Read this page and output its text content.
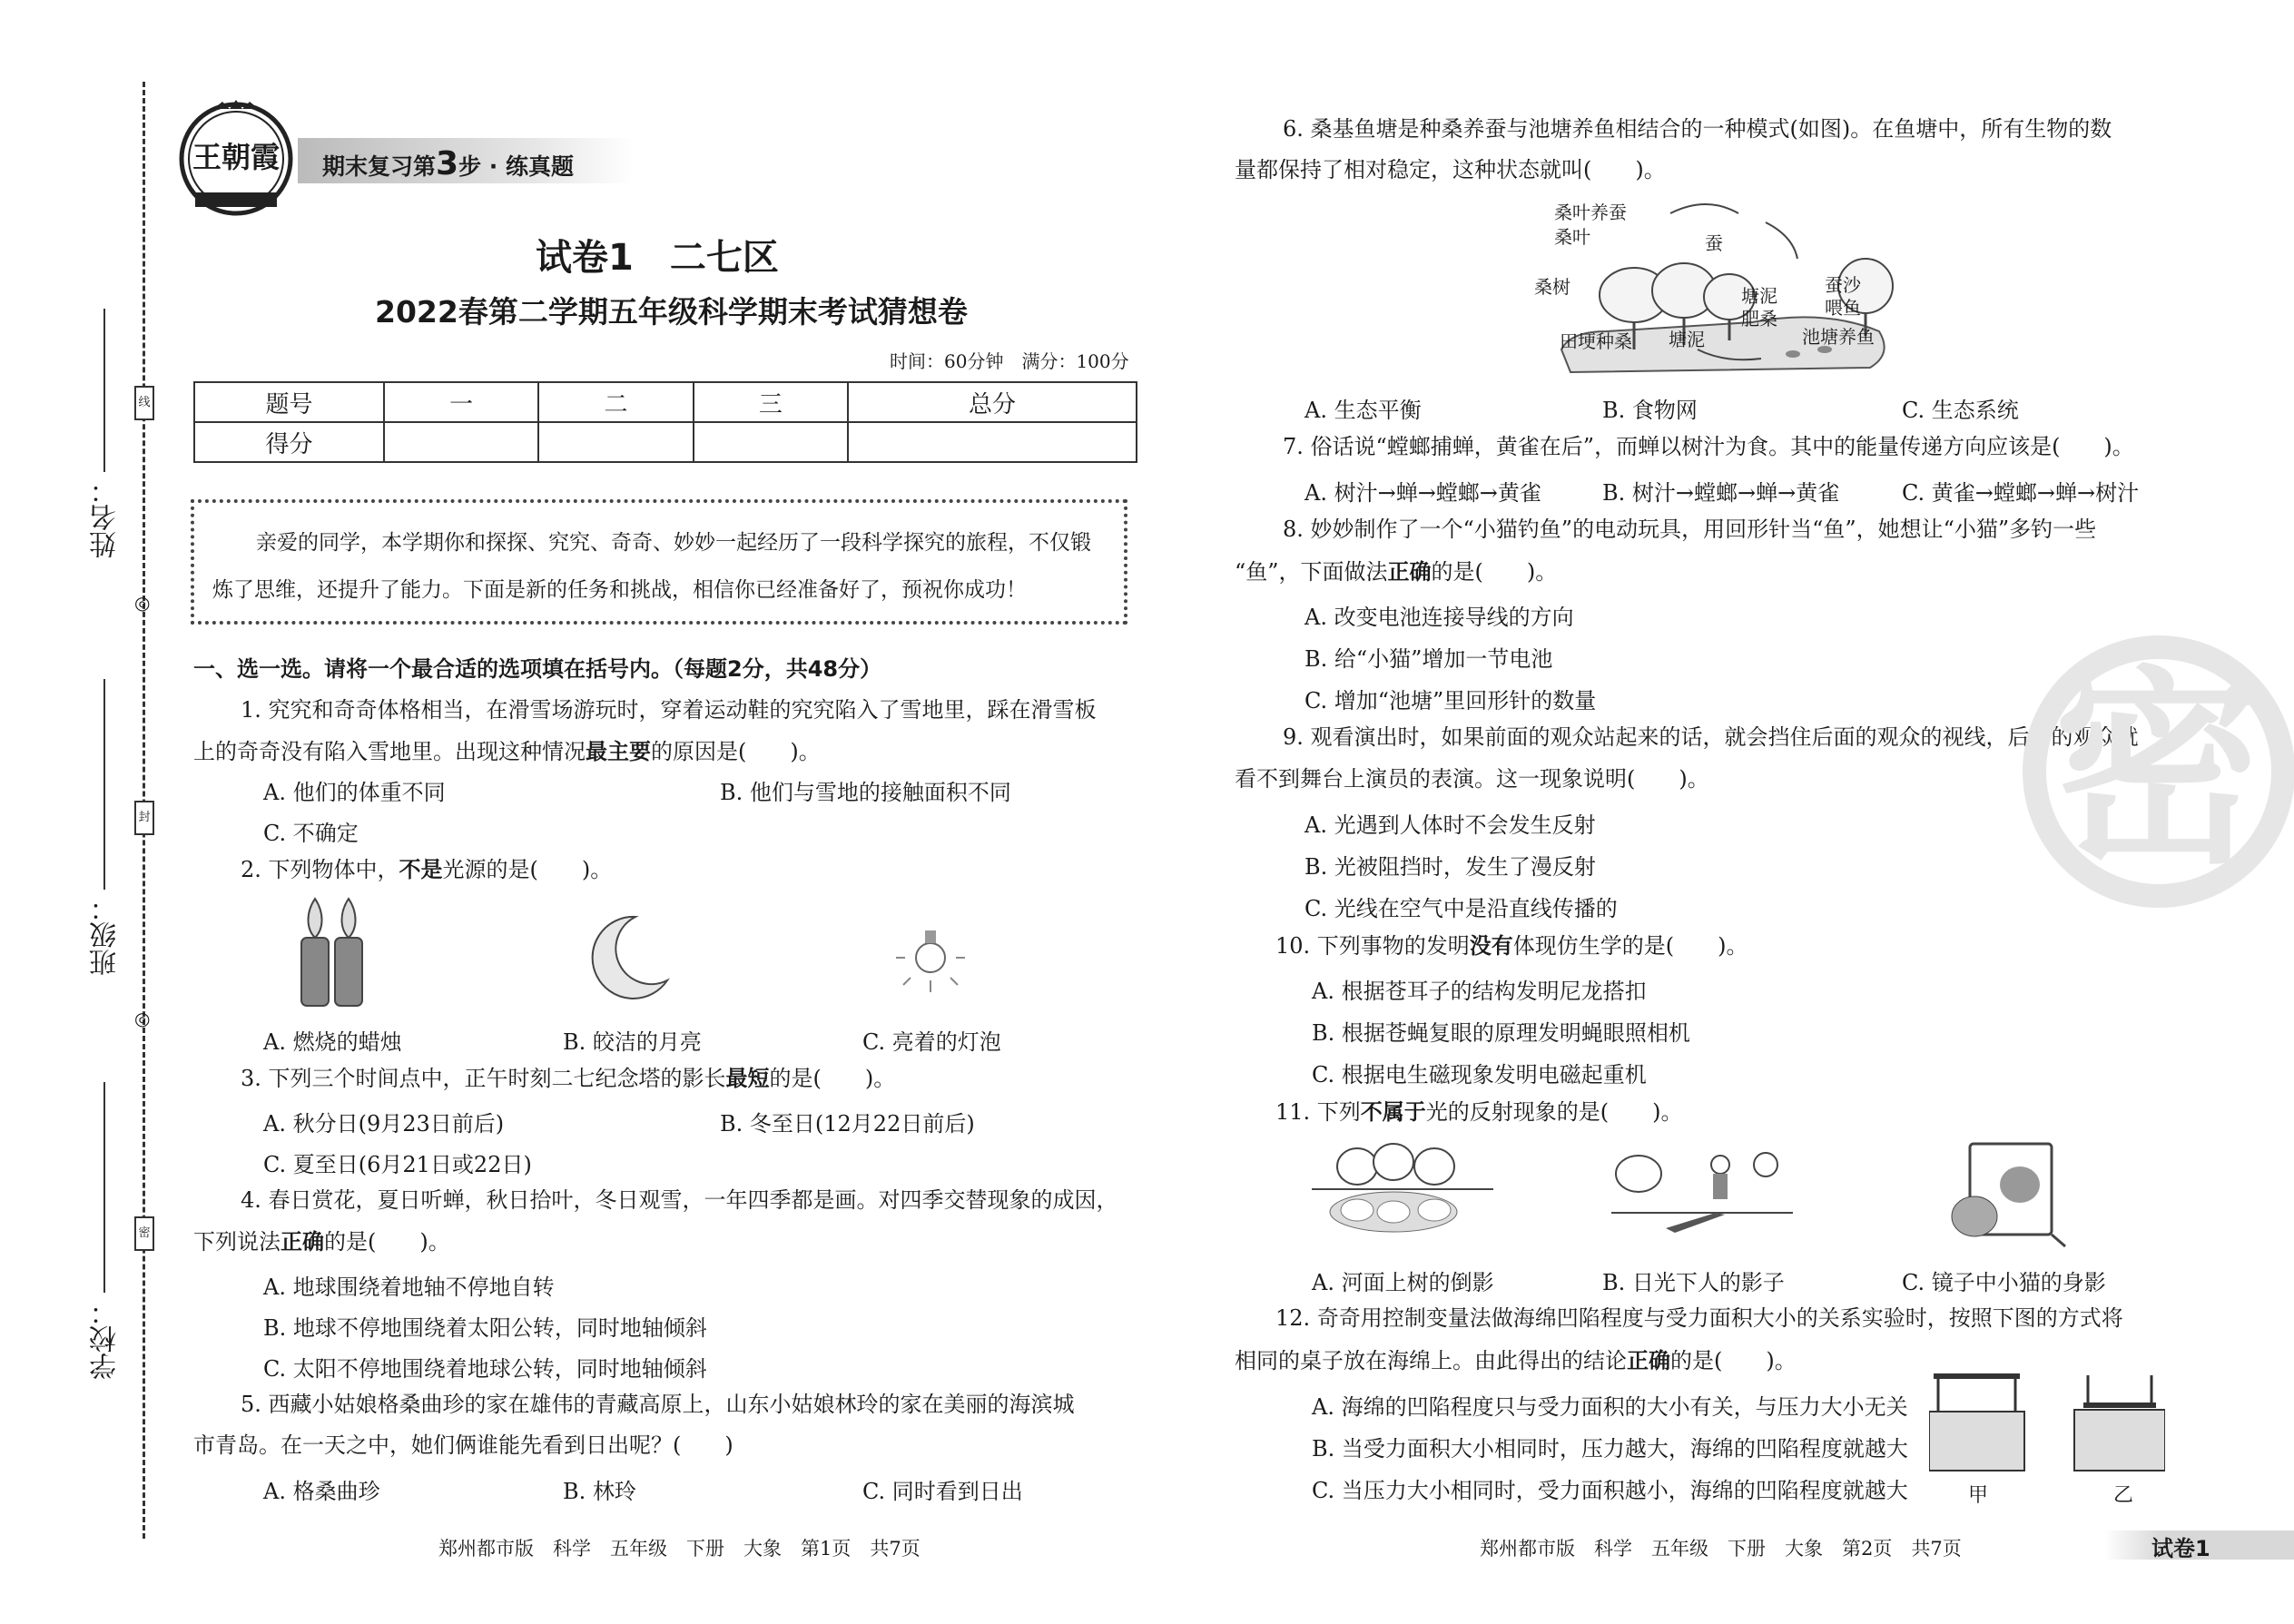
线
封
密
◎
◎
姓名：
班级：
学校：
王朝霞 期末复习第3步 · 练真题
试卷1　二七区
2022春第二学期五年级科学期末考试猜想卷
时间：60分钟　满分：100分
题号	一	二	三	总分
得分				
亲爱的同学，本学期你和探探、究究、奇奇、妙妙一起经历了一段科学探究的旅程，不仅锻炼了思维，还提升了能力。下面是新的任务和挑战，相信你已经准备好了，预祝你成功！
一、选一选。请将一个最合适的选项填在括号内。（每题2分，共48分）
1. 究究和奇奇体格相当，在滑雪场游玩时，穿着运动鞋的究究陷入了雪地里，踩在滑雪板
上的奇奇没有陷入雪地里。出现这种情况最主要的原因是(　　)。
A. 他们的体重不同	B. 他们与雪地的接触面积不同
C. 不确定
2. 下列物体中，不是光源的是(　　)。
A. 燃烧的蜡烛	B. 皎洁的月亮	C. 亮着的灯泡
3. 下列三个时间点中，正午时刻二七纪念塔的影长最短的是(　　)。
A. 秋分日(9月23日前后)	B. 冬至日(12月22日前后)
C. 夏至日(6月21日或22日)
4. 春日赏花，夏日听蝉，秋日拾叶，冬日观雪，一年四季都是画。对四季交替现象的成因，
下列说法正确的是(　　)。
A. 地球围绕着地轴不停地自转
B. 地球不停地围绕着太阳公转，同时地轴倾斜
C. 太阳不停地围绕着地球公转，同时地轴倾斜
5. 西藏小姑娘格桑曲珍的家在雄伟的青藏高原上，山东小姑娘林玲的家在美丽的海滨城
市青岛。在一天之中，她们俩谁能先看到日出呢？(　　)
A. 格桑曲珍	B. 林玲	C. 同时看到日出
郑州都市版　科学　五年级　下册　大象　第1页　共7页
6. 桑基鱼塘是种桑养蚕与池塘养鱼相结合的一种模式(如图)。在鱼塘中，所有生物的数
量都保持了相对稳定，这种状态就叫(　　)。
桑叶养蚕
桑叶	蚕
桑树	塘泥
肥桑
蚕沙
喂鱼
田埂种桑 塘泥	池塘养鱼
A. 生态平衡	B. 食物网	C. 生态系统
7. 俗话说“螳螂捕蝉，黄雀在后”，而蝉以树汁为食。其中的能量传递方向应该是(　　)。
A. 树汁→蝉→螳螂→黄雀	B. 树汁→螳螂→蝉→黄雀	C. 黄雀→螳螂→蝉→树汁
8. 妙妙制作了一个“小猫钓鱼”的电动玩具，用回形针当“鱼”，她想让“小猫”多钓一些
“鱼”，下面做法正确的是(　　)。
A. 改变电池连接导线的方向
B. 给“小猫”增加一节电池
C. 增加“池塘”里回形针的数量
9. 观看演出时，如果前面的观众站起来的话，就会挡住后面的观众的视线，后面的观众就
看不到舞台上演员的表演。这一现象说明(　　)。
A. 光遇到人体时不会发生反射
B. 光被阻挡时，发生了漫反射
C. 光线在空气中是沿直线传播的
10. 下列事物的发明没有体现仿生学的是(　　)。
A. 根据苍耳子的结构发明尼龙搭扣
B. 根据苍蝇复眼的原理发明蝇眼照相机
C. 根据电生磁现象发明电磁起重机
11. 下列不属于光的反射现象的是(　　)。
A. 河面上树的倒影	B. 日光下人的影子	C. 镜子中小猫的身影
12. 奇奇用控制变量法做海绵凹陷程度与受力面积大小的关系实验时，按照下图的方式将
相同的桌子放在海绵上。由此得出的结论正确的是(　　)。
A. 海绵的凹陷程度只与受力面积的大小有关，与压力大小无关
B. 当受力面积大小相同时，压力越大，海绵的凹陷程度就越大
C. 当压力大小相同时，受力面积越小，海绵的凹陷程度就越大	甲	乙
密
郑州都市版　科学　五年级　下册　大象　第2页　共7页	试卷1
